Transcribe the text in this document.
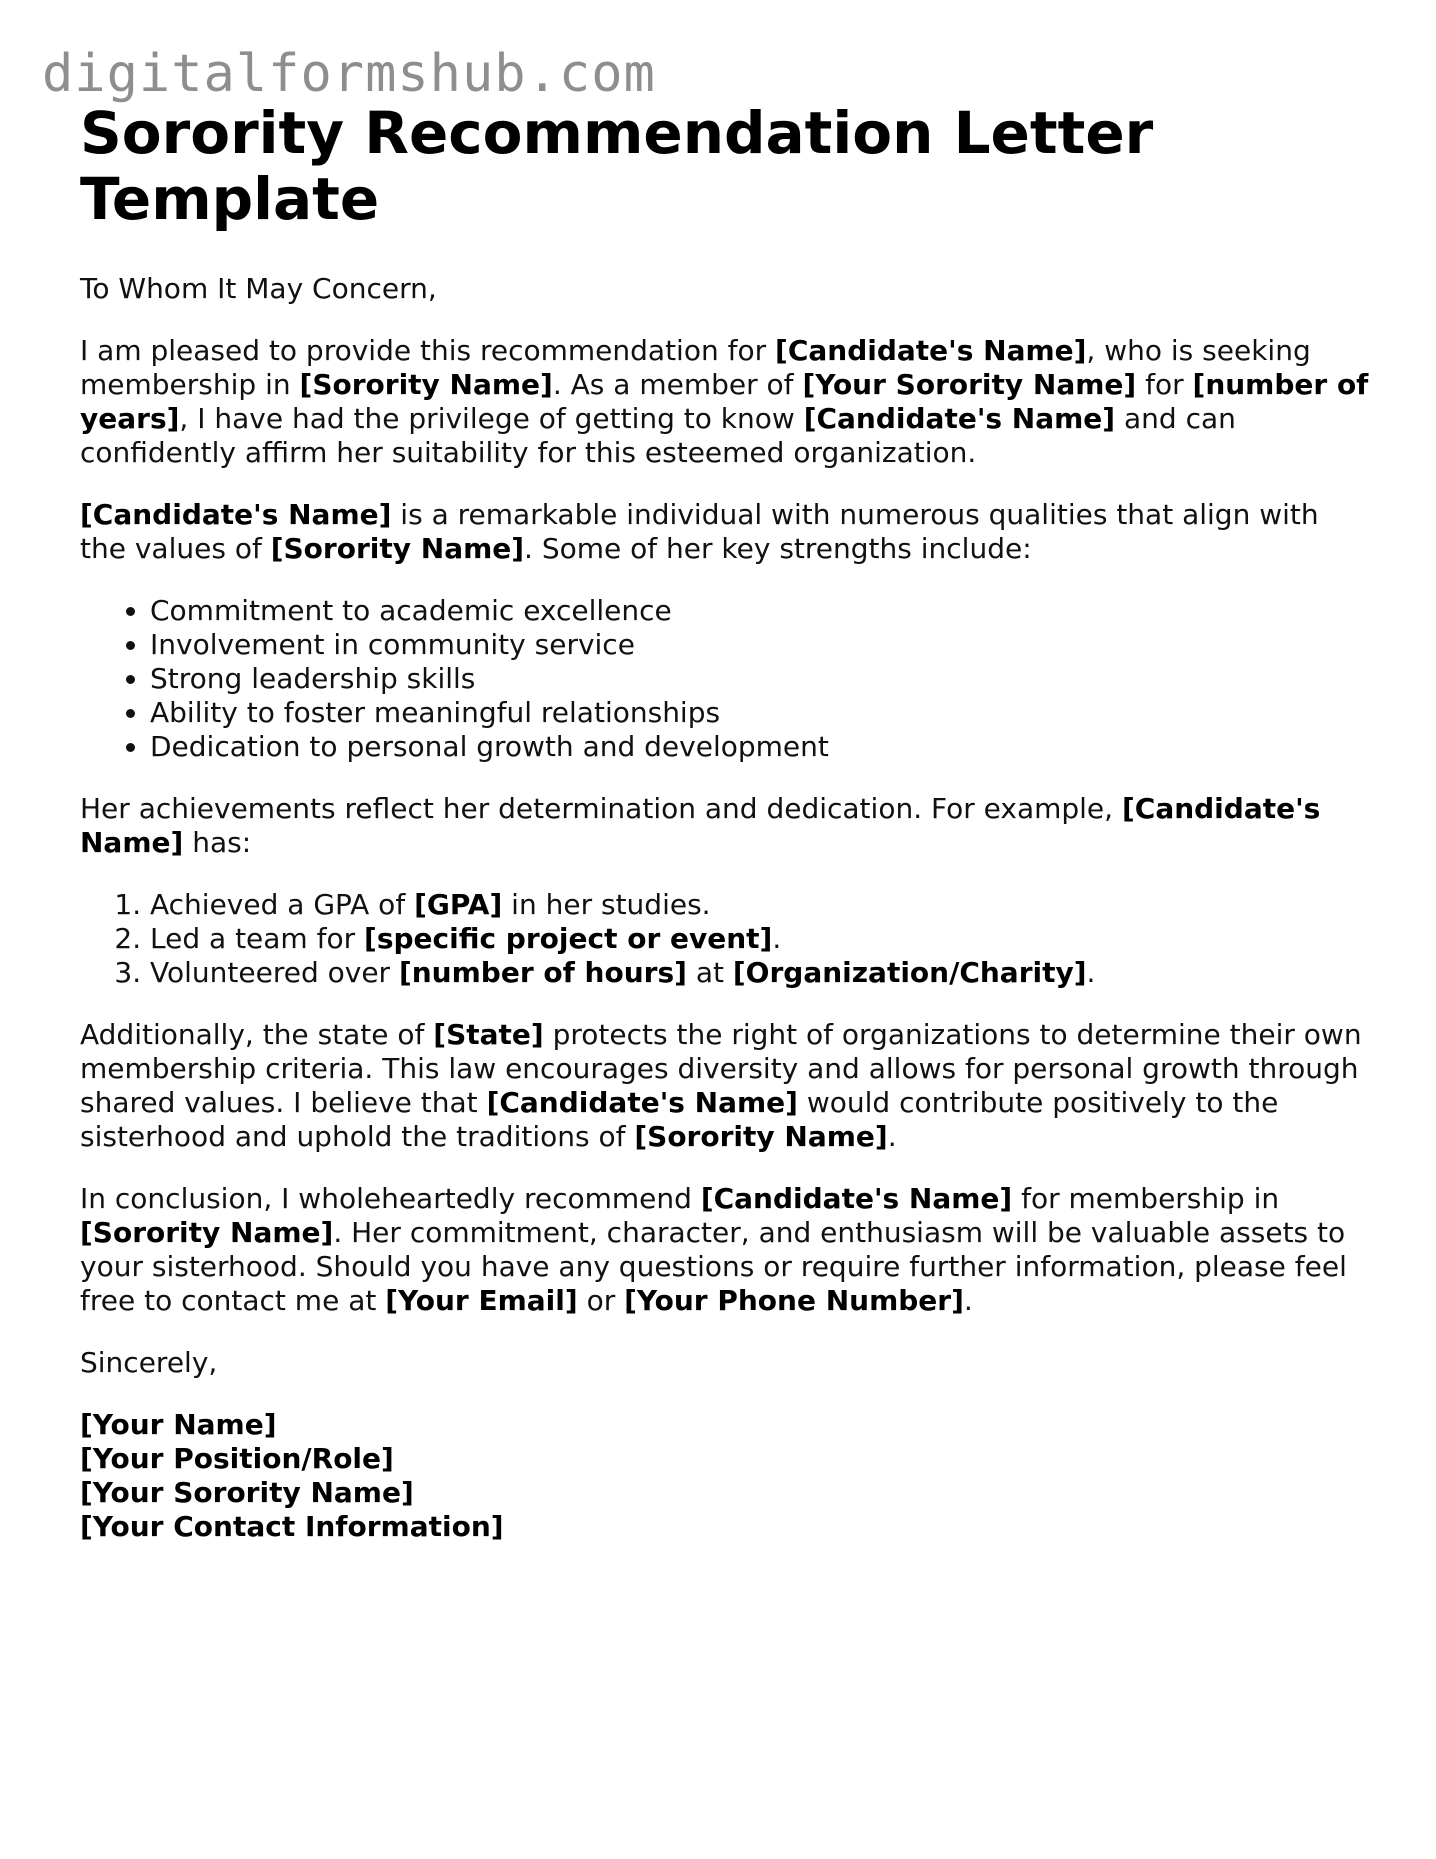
digitalformshub.com
Sorority Recommendation Letter Template

To Whom It May Concern,

I am pleased to provide this recommendation for [Candidate's Name], who is seeking membership in [Sorority Name]. As a member of [Your Sorority Name] for [number of years], I have had the privilege of getting to know [Candidate's Name] and can confidently affirm her suitability for this esteemed organization.

[Candidate's Name] is a remarkable individual with numerous qualities that align with the values of [Sorority Name]. Some of her key strengths include:

• Commitment to academic excellence
• Involvement in community service
• Strong leadership skills
• Ability to foster meaningful relationships
• Dedication to personal growth and development

Her achievements reflect her determination and dedication. For example, [Candidate's Name] has:

1. Achieved a GPA of [GPA] in her studies.
2. Led a team for [specific project or event].
3. Volunteered over [number of hours] at [Organization/Charity].

Additionally, the state of [State] protects the right of organizations to determine their own membership criteria. This law encourages diversity and allows for personal growth through shared values. I believe that [Candidate's Name] would contribute positively to the sisterhood and uphold the traditions of [Sorority Name].

In conclusion, I wholeheartedly recommend [Candidate's Name] for membership in [Sorority Name]. Her commitment, character, and enthusiasm will be valuable assets to your sisterhood. Should you have any questions or require further information, please feel free to contact me at [Your Email] or [Your Phone Number].

Sincerely,

[Your Name]
[Your Position/Role]
[Your Sorority Name]
[Your Contact Information]
